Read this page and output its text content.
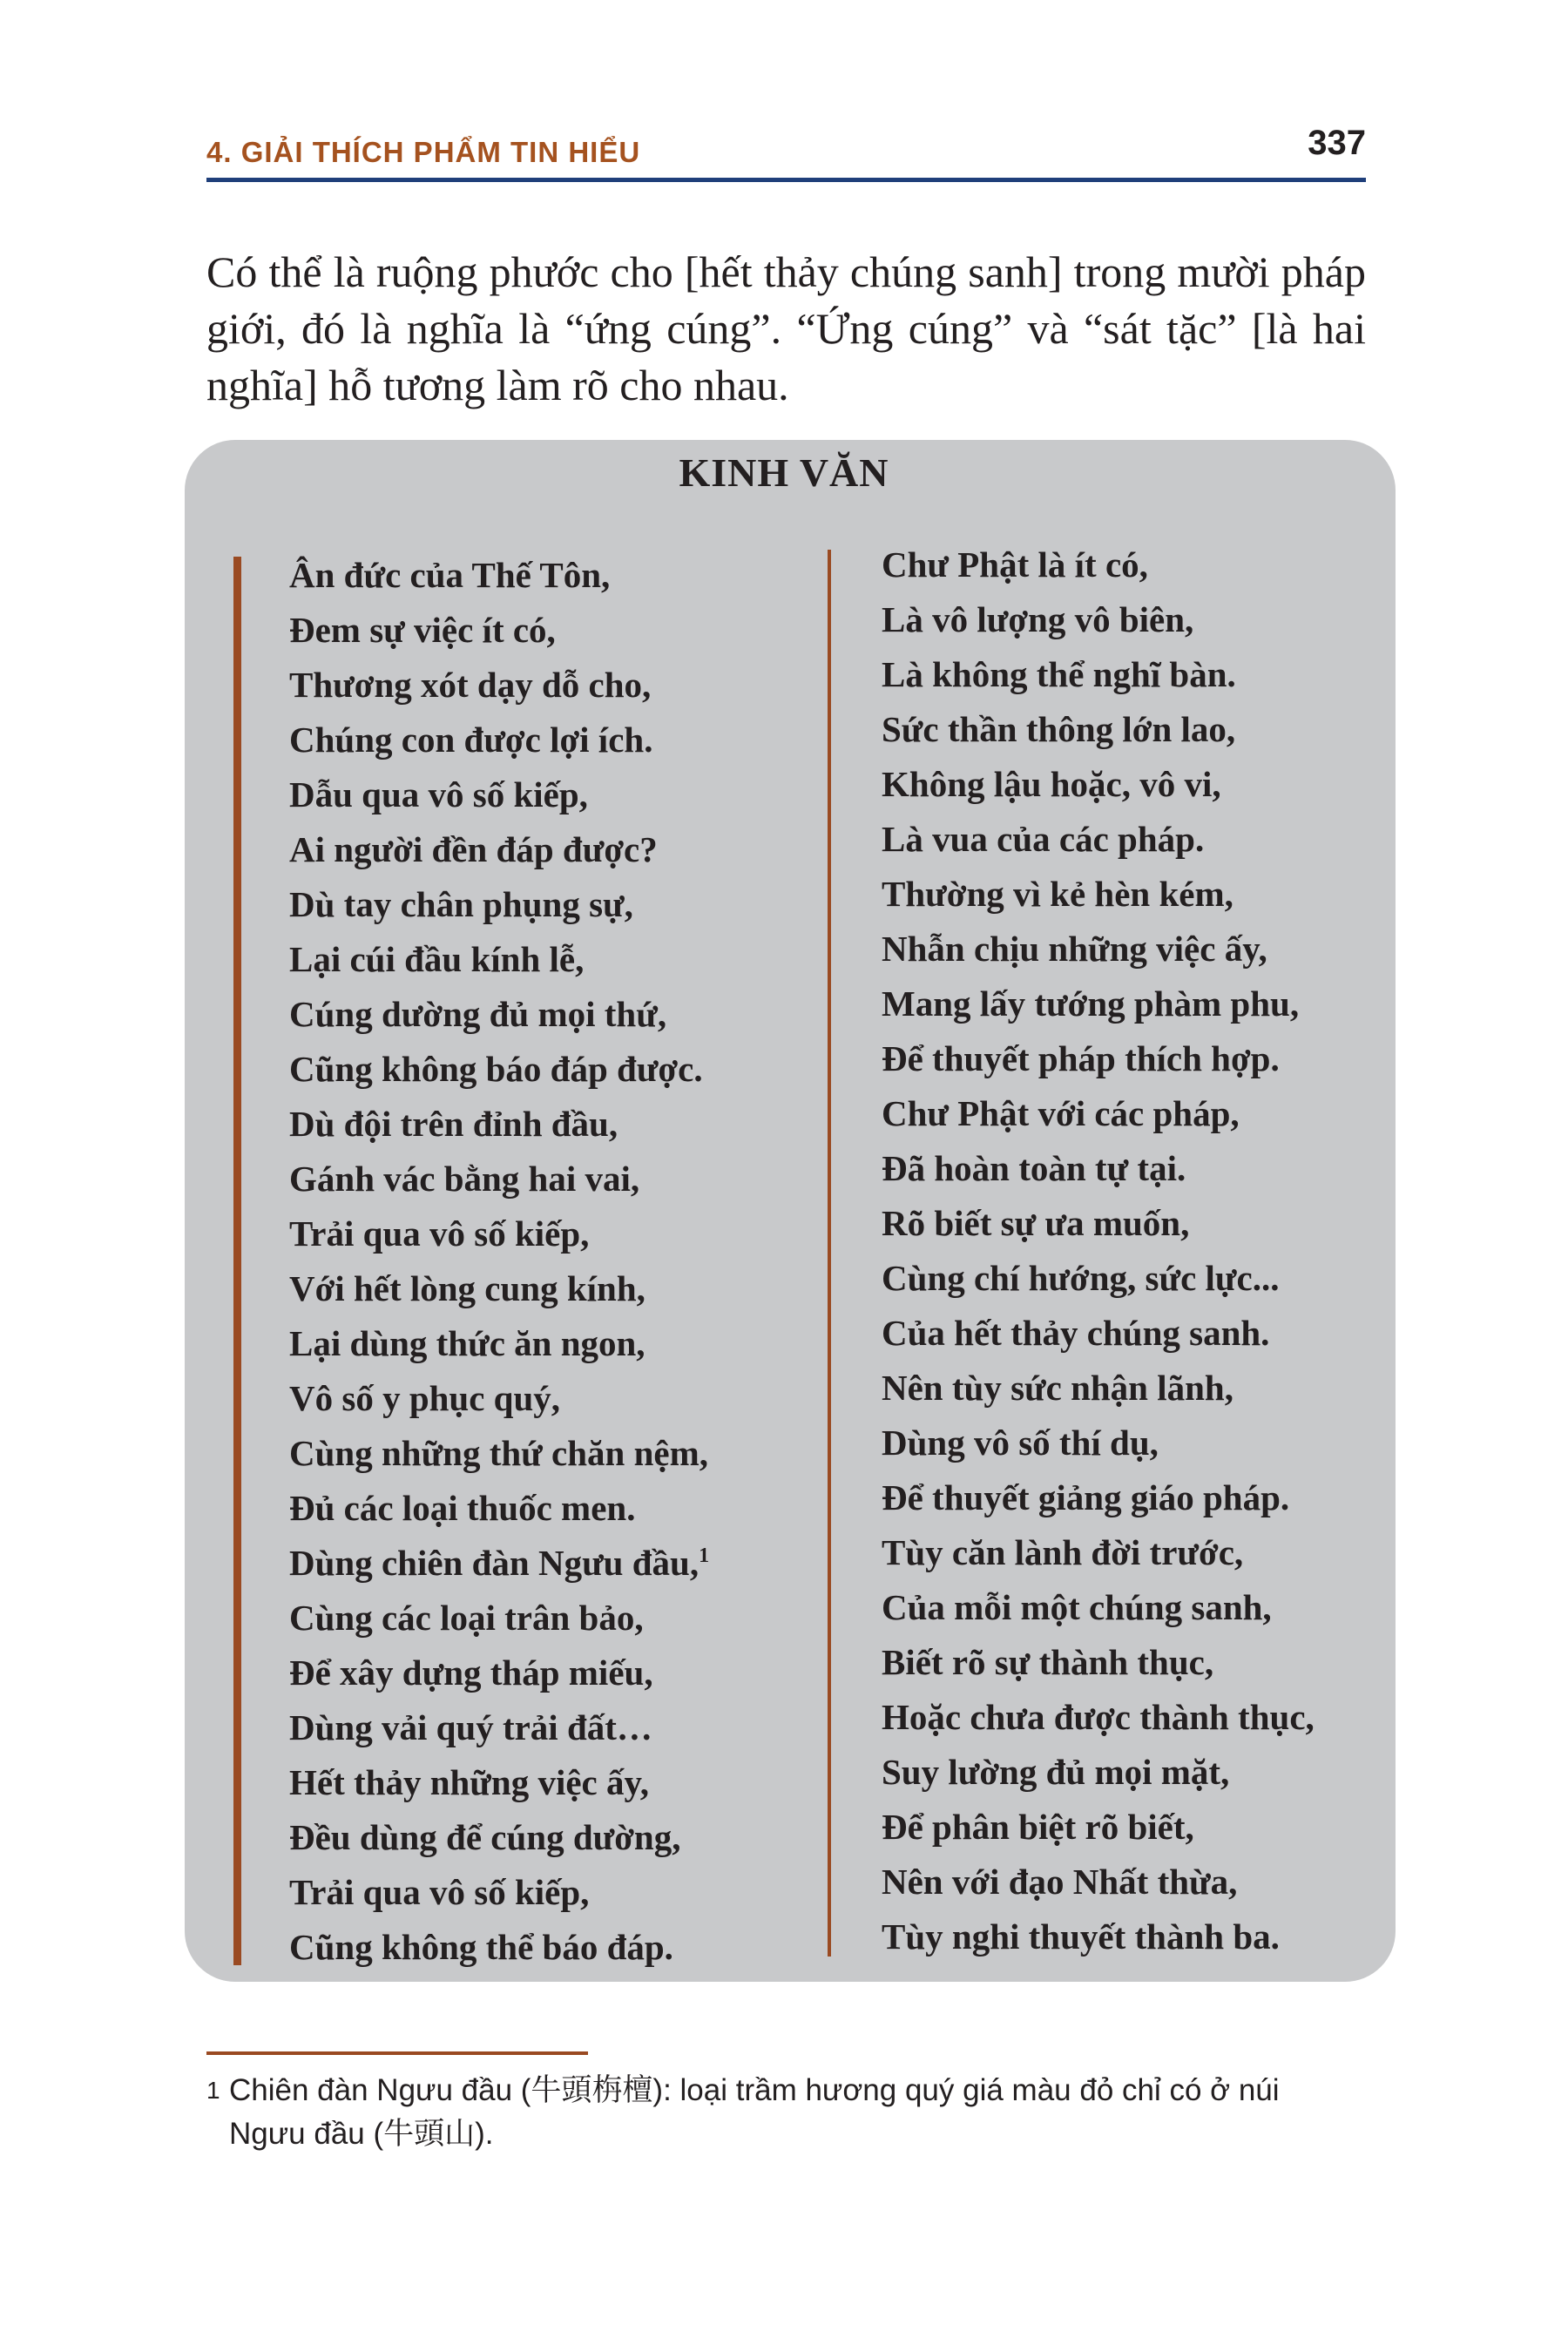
4. GIẢI THÍCH PHẨM TIN HIỂU	337
Có thể là ruộng phước cho [hết thảy chúng sanh] trong mười pháp giới, đó là nghĩa là “ứng cúng”. “Ứng cúng” và “sát tặc” [là hai nghĩa] hỗ tương làm rõ cho nhau.
KINH VĂN
Ân đức của Thế Tôn,
Đem sự việc ít có,
Thương xót dạy dỗ cho,
Chúng con được lợi ích.
Dẫu qua vô số kiếp,
Ai người đền đáp được?
Dù tay chân phụng sự,
Lại cúi đầu kính lễ,
Cúng dường đủ mọi thứ,
Cũng không báo đáp được.
Dù đội trên đỉnh đầu,
Gánh vác bằng hai vai,
Trải qua vô số kiếp,
Với hết lòng cung kính,
Lại dùng thức ăn ngon,
Vô số y phục quý,
Cùng những thứ chăn nệm,
Đủ các loại thuốc men.
Dùng chiên đàn Ngưu đầu,$^1$
Cùng các loại trân bảo,
Để xây dựng tháp miếu,
Dùng vải quý trải đất…
Hết thảy những việc ấy,
Đều dùng để cúng dường,
Trải qua vô số kiếp,
Cũng không thể báo đáp.
Chư Phật là ít có,
Là vô lượng vô biên,
Là không thể nghĩ bàn.
Sức thần thông lớn lao,
Không lậu hoặc, vô vi,
Là vua của các pháp.
Thường vì kẻ hèn kém,
Nhẫn chịu những việc ấy,
Mang lấy tướng phàm phu,
Để thuyết pháp thích hợp.
Chư Phật với các pháp,
Đã hoàn toàn tự tại.
Rõ biết sự ưa muốn,
Cùng chí hướng, sức lực...
Của hết thảy chúng sanh.
Nên tùy sức nhận lãnh,
Dùng vô số thí dụ,
Để thuyết giảng giáo pháp.
Tùy căn lành đời trước,
Của mỗi một chúng sanh,
Biết rõ sự thành thục,
Hoặc chưa được thành thục,
Suy lường đủ mọi mặt,
Để phân biệt rõ biết,
Nên với đạo Nhất thừa,
Tùy nghi thuyết thành ba.
1 Chiên đàn Ngưu đầu (牛頭栴檀): loại trầm hương quý giá màu đỏ chỉ có ở núi
Ngưu đầu (牛頭山).
